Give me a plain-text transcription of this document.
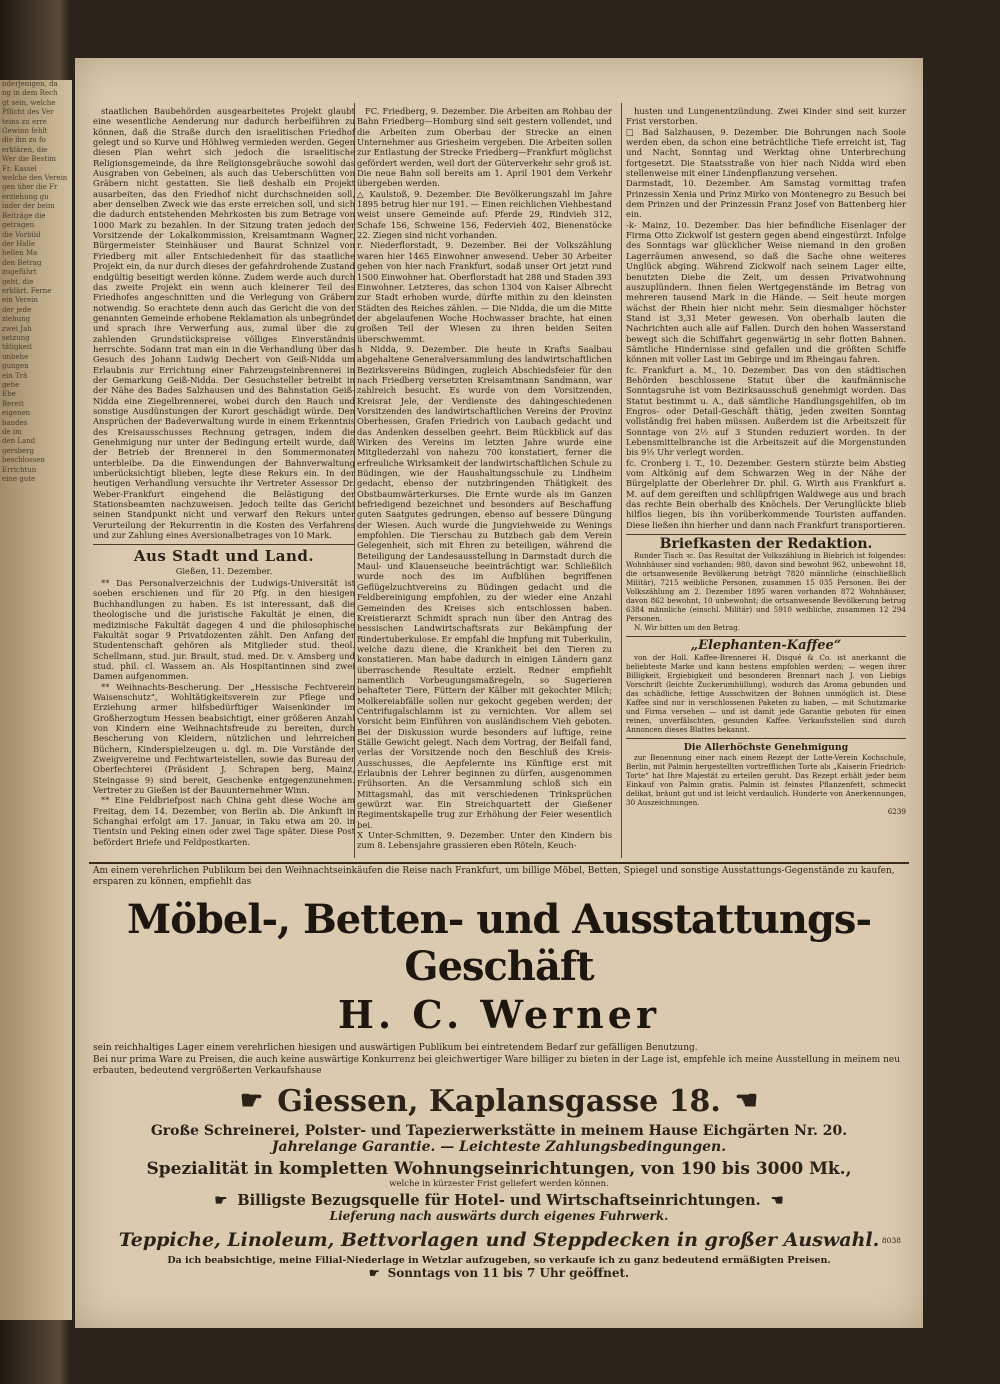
nderjenigen, da
ng in dem Rech
gt sein, welche
Pflicht des Ver
teins zu erre
Gewinn fehlt
die ihn zu fo
erklären, die
Wer die Bestim
Fr. Kassel
welche den Verein
gen über die Fr
erziehung gu
inder der beim
Beiträge die
getragen
die Vorbild
der Halle
hellen Ma
den Betrag
zugeführt
geht, die
erklärt. Ferne
ein Verein
der jede
ziehung
zwei Jah
setzung
tätigkeit
unbehe
gungen
ein Trä
gehe
Ebe
Bereit
eigenen
bandes
de im
den Land
gersberg
beschlossen
Errichtun
eine gute

staatlichen Baubehörden ausgearbeitetes Projekt glaubt eine wesentliche Aenderung nur dadurch herbeiführen zu können, daß die Straße durch den israelitischen Friedhof gelegt und so Kurve und Höhlweg vermieden werden. Gegen diesen Plan wehrt sich jedoch die israelitische Religionsgemeinde, da ihre Religionsgebräuche sowohl das Ausgraben von Gebeinen, als auch das Ueberschütten von Gräbern nicht gestatten. Sie ließ deshalb ein Projekt ausarbeiten, das den Friedhof nicht durchschneiden soll, aber denselben Zweck wie das erste erreichen soll, und sich die dadurch entstehenden Mehrkosten bis zum Betrage von 1000 Mark zu bezahlen. In der Sitzung traten jedoch der Vorsitzende der Lokalkommission, Kreisamtmann Wagner, Bürgermeister Steinhäuser und Baurat Schnizel von Friedberg mit aller Entschiedenheit für das staatliche Projekt ein, da nur durch dieses der gefahrdrohende Zustand endgültig beseitigt werden könne. Zudem werde auch durch das zweite Projekt ein wenn auch kleinerer Teil des Friedhofes angeschnitten und die Verlegung von Gräbern notwendig. So erachtete denn auch das Gericht die von der genannten Gemeinde erhobene Reklamation als unbegründet und sprach ihre Verwerfung aus, zumal über die zu zahlenden Grundstückspreise völliges Einverständnis herrschte. Sodann trat man ein in die Verhandlung über das Gesuch des Johann Ludwig Dechert von Geiß-Nidda um Erlaubnis zur Errichtung einer Fahrzeugsteinbrennerei in der Gemarkung Geiß-Nidda. Der Gesuchsteller betreibt in der Nähe des Bades Salzhausen und des Bahnstation Geiß-Nidda eine Ziegelbrennerei, wobei durch den Rauch und sonstige Ausdünstungen der Kurort geschädigt würde. Den Ansprüchen der Badeverwaltung wurde in einem Erkenntnis des Kreisausschusses Rechnung getragen, indem die Genehmigung nur unter der Bedingung erteilt wurde, daß der Betrieb der Brennerei in den Sommermonaten unterbleibe. Da die Einwendungen der Bahnverwaltung unberücksichtigt blieben, legte diese Rekurs ein. In der heutigen Verhandlung versuchte ihr Vertreter Assessor Dr. Weber-Frankfurt eingehend die Belästigung der Stationsbeamten nachzuweisen. Jedoch teilte das Gericht seinen Standpunkt nicht und verwarf den Rekurs unter Verurteilung der Rekurrentin in die Kosten des Verfahrens und zur Zahlung eines Aversionalbetrages von 10 Mark.

Aus Stadt und Land.
Gießen, 11. Dezember.

** Das Personalverzeichnis der Ludwigs-Universität ist soeben erschienen und für 20 Pfg. in den hiesigen Buchhandlungen zu haben. Es ist interessant, daß die theologische und die juristische Fakultät je einen, die medizinische Fakultät dagegen 4 und die philosophische Fakultät sogar 9 Privatdozenten zählt. Den Anfang der Studentenschaft gehören als Mitglieder stud. theol. Schellmann, stud. jur. Brault, stud. med. Dr. v. Amsberg und stud. phil. cl. Wassem an. Als Hospitantinnen sind zwei Damen aufgenommen.

** Weihnachts-Bescherung. Der „Hessische Fechtverein Waisenschutz“, Wohltätigkeitsverein zur Pflege und Erziehung armer hilfsbedürftiger Waisenkinder im Großherzogtum Hessen beabsichtigt, einer größeren Anzahl von Kindern eine Weihnachtsfreude zu bereiten, durch Bescherung von Kleidern, nützlichen und lehrreichen Büchern, Kinderspielzeugen u. dgl. m. Die Vorstände der Zweigvereine und Fechtwarteistellen, sowie das Bureau der Oberfechterei (Präsident J. Schrapen berg, Mainz, Steingasse 9) sind bereit, Geschenke entgegenzunehmen. Vertreter zu Gießen ist der Bauunternehmer Winn.

** Eine Feldbriefpost nach China geht diese Woche am Freitag, dem 14. Dezember, von Berlin ab. Die Ankunft in Schanghai erfolgt am 17. Januar, in Taku etwa am 20. in Tientsin und Peking einen oder zwei Tage später. Diese Post befördert Briefe und Feldpostkarten.

FC. Friedberg, 9. Dezember. Die Arbeiten am Rohbau der Bahn Friedberg—Homburg sind seit gestern vollendet, und die Arbeiten zum Oberbau der Strecke an einen Unternehmer aus Griesheim vergeben. Die Arbeiten sollen zur Entlastung der Strecke Friedberg—Frankfurt möglichst gefördert werden, weil dort der Güterverkehr sehr groß ist. Die neue Bahn soll bereits am 1. April 1901 dem Verkehr übergeben werden.
△ Kaulstoß, 9. Dezember. Die Bevölkerungszahl im Jahre 1895 betrug hier nur 191. — Einen reichlichen Viehbestand weist unsere Gemeinde auf: Pferde 29, Rindvieh 312, Schafe 156, Schweine 156, Federvieh 402, Bienenstöcke 22. Ziegen sind nicht vorhanden.
r. Niederflorstadt, 9. Dezember. Bei der Volkszählung waren hier 1465 Einwohner anwesend. Ueber 30 Arbeiter gehen von hier nach Frankfurt, sodaß unser Ort jetzt rund 1500 Einwohner hat. Oberflorstadt hat 288 und Staden 393 Einwohner. Letzteres, das schon 1304 von Kaiser Albrecht zur Stadt erhoben wurde, dürfte mithin zu den kleinsten Städten des Reiches zählen. — Die Nidda, die um die Mitte der abgelaufenen Woche Hochwasser brachte, hat einen großen Teil der Wiesen zu ihren beiden Seiten überschwemmt.
h Nidda, 9. Dezember. Die heute in Krafts Saalbau abgehaltene Generalversammlung des landwirtschaftlichen Bezirksvereins Büdingen, zugleich Abschiedsfeier für den nach Friedberg versetzten Kreisamtmann Sandmann, war zahlreich besucht. Es wurde von dem Vorsitzenden, Kreisrat Jele, der Verdienste des dahingeschiedenen Vorsitzenden des landwirtschaftlichen Vereins der Provinz Oberhessen, Grafen Friedrich von Laubach gedacht und das Andenken desselben geehrt. Beim Rückblick auf das Wirken des Vereins im letzten Jahre wurde eine Mitgliederzahl von nahezu 700 konstatiert, ferner die erfreuliche Wirksamkeit der landwirtschaftlichen Schule zu Büdingen, wie der Haushaltungsschule zu Lindheim gedacht, ebenso der nutzbringenden Thätigkeit des Obstbaumwärterkurses. Die Ernte wurde als im Ganzen befriedigend bezeichnet und besonders auf Beschaffung guten Saatgutes gedrungen, ebenso auf bessere Düngung der Wiesen. Auch wurde die Jungviehweide zu Wenings empfohlen. Die Tierschau zu Butzbach gab dem Verein Gelegenheit, sich mit Ehren zu beteiligen, während die Beteiligung der Landesausstellung in Darmstadt durch die Maul- und Klauenseuche beeinträchtigt war. Schließlich wurde noch des im Aufblühen begriffenen Geflügelzuchtvereins zu Büdingen gedacht und die Feldbereinigung empfohlen, zu der wieder eine Anzahl Gemeinden des Kreises sich entschlossen haben. Kreistierarzt Schmidt sprach nun über den Antrag des hessischen Landwirtschaftsrats zur Bekämpfung der Rindertuberkulose. Er empfahl die Impfung mit Tuberkulin, welche dazu diene, die Krankheit bei den Tieren zu konstatieren. Man habe dadurch in einigen Ländern ganz überraschende Resultate erzielt. Redner empfiehlt namentlich Vorbeugungsmaßregeln, so Sugerieren behafteter Tiere, Füttern der Kälber mit gekochter Milch; Molkereiabfälle sollen nur gekocht gegeben werden; der Centrifugalschlamm ist zu vernichten. Vor allem sei Vorsicht beim Einführen von ausländischem Vieh geboten. Bei der Diskussion wurde besonders auf luftige, reine Ställe Gewicht gelegt. Nach dem Vortrag, der Beifall fand, verlas der Vorsitzende noch den Beschluß des Kreis-Ausschusses, die Aepfelernte ins Künftige erst mit Erlaubnis der Lehrer beginnen zu dürfen, ausgenommen Frühsorten. An die Versammlung schloß sich ein Mittagsmahl, das mit verschiedenen Trinksprüchen gewürzt war. Ein Streichquartett der Gießener Regimentskapelle trug zur Erhöhung der Feier wesentlich bei.
X Unter-Schmitten, 9. Dezember. Unter den Kindern bis zum 8. Lebensjahre grassieren eben Röteln, Keuch-

husten und Lungenentzündung. Zwei Kinder sind seit kurzer Frist verstorben.
□ Bad Salzhausen, 9. Dezember. Die Bohrungen nach Soole werden eben, da schon eine beträchtliche Tiefe erreicht ist, Tag und Nacht, Sonntag und Werktag ohne Unterbrechung fortgesetzt. Die Staatsstraße von hier nach Nidda wird eben stellenweise mit einer Lindenpflanzung versehen.
Darmstadt, 10. Dezember. Am Samstag vormittag trafen Prinzessin Xenia und Prinz Mirko von Montenegro zu Besuch bei dem Prinzen und der Prinzessin Franz Josef von Battenberg hier ein.
-k- Mainz, 10. Dezember. Das hier befindliche Eisenlager der Firma Otto Zickwolf ist gestern gegen abend eingestürzt. Infolge des Sonntags war glücklicher Weise niemand in den großen Lagerräumen anwesend, so daß die Sache ohne weiteres Unglück abging. Während Zickwolf nach seinem Lager eilte, benutzten Diebe die Zeit, um dessen Privatwohnung auszuplündern. Ihnen fielen Wertgegenstände im Betrag von mehreren tausend Mark in die Hände. — Seit heute morgen wächst der Rhein hier nicht mehr. Sein diesmaliger höchster Stand ist 3,31 Meter gewesen. Von oberhalb lauten die Nachrichten auch alle auf Fallen. Durch den hohen Wasserstand bewegt sich die Schiffahrt gegenwärtig in sehr flotten Bahnen. Sämtliche Hindernisse sind gefallen und die größten Schiffe können mit voller Last im Gebirge und im Rheingau fahren.
fc. Frankfurt a. M., 10. Dezember. Das von den städtischen Behörden beschlossene Statut über die kaufmännische Sonntagsruhe ist vom Bezirksausschuß genehmigt worden. Das Statut bestimmt u. A., daß sämtliche Handlungsgehilfen, ob im Engros- oder Detail-Geschäft thätig, jeden zweiten Sonntag vollständig frei haben müssen. Außerdem ist die Arbeitszeit für Sonntage von 2½ auf 3 Stunden reduziert worden. In der Lebensmittelbranche ist die Arbeitszeit auf die Morgenstunden bis 9½ Uhr verlegt worden.
fc. Cronberg i. T., 10. Dezember. Gestern stürzte beim Abstieg vom Altkönig auf dem Schwarzen Weg in der Nähe der Bürgelplatte der Oberlehrer Dr. phil. G. Wirth aus Frankfurt a. M. auf dem gereiften und schlüpfrigen Waldwege aus und brach das rechte Bein oberhalb des Knöchels. Der Verunglückte blieb hilflos liegen, bis ihn vorüberkommende Touristen auffanden. Diese ließen ihn hierher und dann nach Frankfurt transportieren.

Briefkasten der Redaktion.

Runder Tisch ꝛc. Das Resultat der Volkszählung in Biebrich ist folgendes: Wohnhäuser sind vorhanden: 980, davon sind bewohnt 962, unbewohnt 18, die ortsanwesende Bevölkerung beträgt 7820 männliche (einschließlich Militär), 7215 weibliche Personen, zusammen 15 035 Personen. Bei der Volkszählung am 2. Dezember 1895 waren vorhanden 872 Wohnhäuser, davon 862 bewohnt, 10 unbewohnt; die ortsanwesende Bevölkerung betrug 6384 männliche (einschl. Militär) und 5910 weibliche, zusammen 12 294 Personen.

N. Wir bitten um den Betrag.

„Elephanten-Kaffee“

von der Holl. Kaffee-Brennerei H. Disqué & Co. ist anerkannt die beliebteste Marke und kann bestens empfohlen werden; — wegen ihrer Billigkeit, Ergiebigkeit und besonderen Brennart nach J. von Liebigs Vorschrift (leichte Zuckerumhüllung), wodurch das Aroma gebunden und das schädliche, fettige Ausschwitzen der Bohnen unmöglich ist. Diese Kaffee sind nur in verschlossenen Paketen zu haben, — mit Schutzmarke und Firma versehen — und ist damit jede Garantie geboten für einen reinen, unverfälschten, gesunden Kaffee. Verkaufsstellen sind durch Annoncen dieses Blattes bekannt.

Die Allerhöchste Genehmigung

zur Benennung einer nach einem Rezept der Lotte-Verein Kochschule, Berlin, mit Palmin hergestellten vortrefflichen Torte als „Kaiserin Friedrich-Torte“ hat Ihre Majestät zu erteilen geruht. Das Rezept erhält jeder beim Einkauf von Palmin gratis. Palmin ist feinstes Pflanzenfett, schmeckt delikat, bräunt gut und ist leicht verdaulich. Hunderte von Anerkennungen, 30 Auszeichnungen.

6239
Am einem verehrlichen Publikum bei den Weihnachtseinkäufen die Reise nach Frankfurt, um billige Möbel, Betten, Spiegel und sonstige Ausstattungs-Gegenstände zu kaufen, ersparen zu können, empfiehlt das
Möbel-, Betten- und Ausstattungs-Geschäft
H. C. Werner
sein reichhaltiges Lager einem verehrlichen hiesigen und auswärtigen Publikum bei eintretendem Bedarf zur gefälligen Benutzung.
Bei nur prima Ware zu Preisen, die auch keine auswärtige Konkurrenz bei gleichwertiger Ware billiger zu bieten in der Lage ist, empfehle ich meine Ausstellung in meinem neu erbauten, bedeutend vergrößerten Verkaufshause
☛ Giessen, Kaplansgasse 18. ☚
Große Schreinerei, Polster- und Tapezierwerkstätte in meinem Hause Eichgärten Nr. 20.
Jahrelange Garantie. — Leichteste Zahlungsbedingungen.
Spezialität in kompletten Wohnungseinrichtungen, von 190 bis 3000 Mk.,
welche in kürzester Frist geliefert werden können.
☛ Billigste Bezugsquelle für Hotel- und Wirtschaftseinrichtungen. ☚
Lieferung nach auswärts durch eigenes Fuhrwerk.
Teppiche, Linoleum, Bettvorlagen und Steppdecken in großer Auswahl.
Da ich beabsichtige, meine Filial-Niederlage in Wetzlar aufzugeben, so verkaufe ich zu ganz bedeutend ermäßigten Preisen.
☛ Sonntags von 11 bis 7 Uhr geöffnet.
8038
